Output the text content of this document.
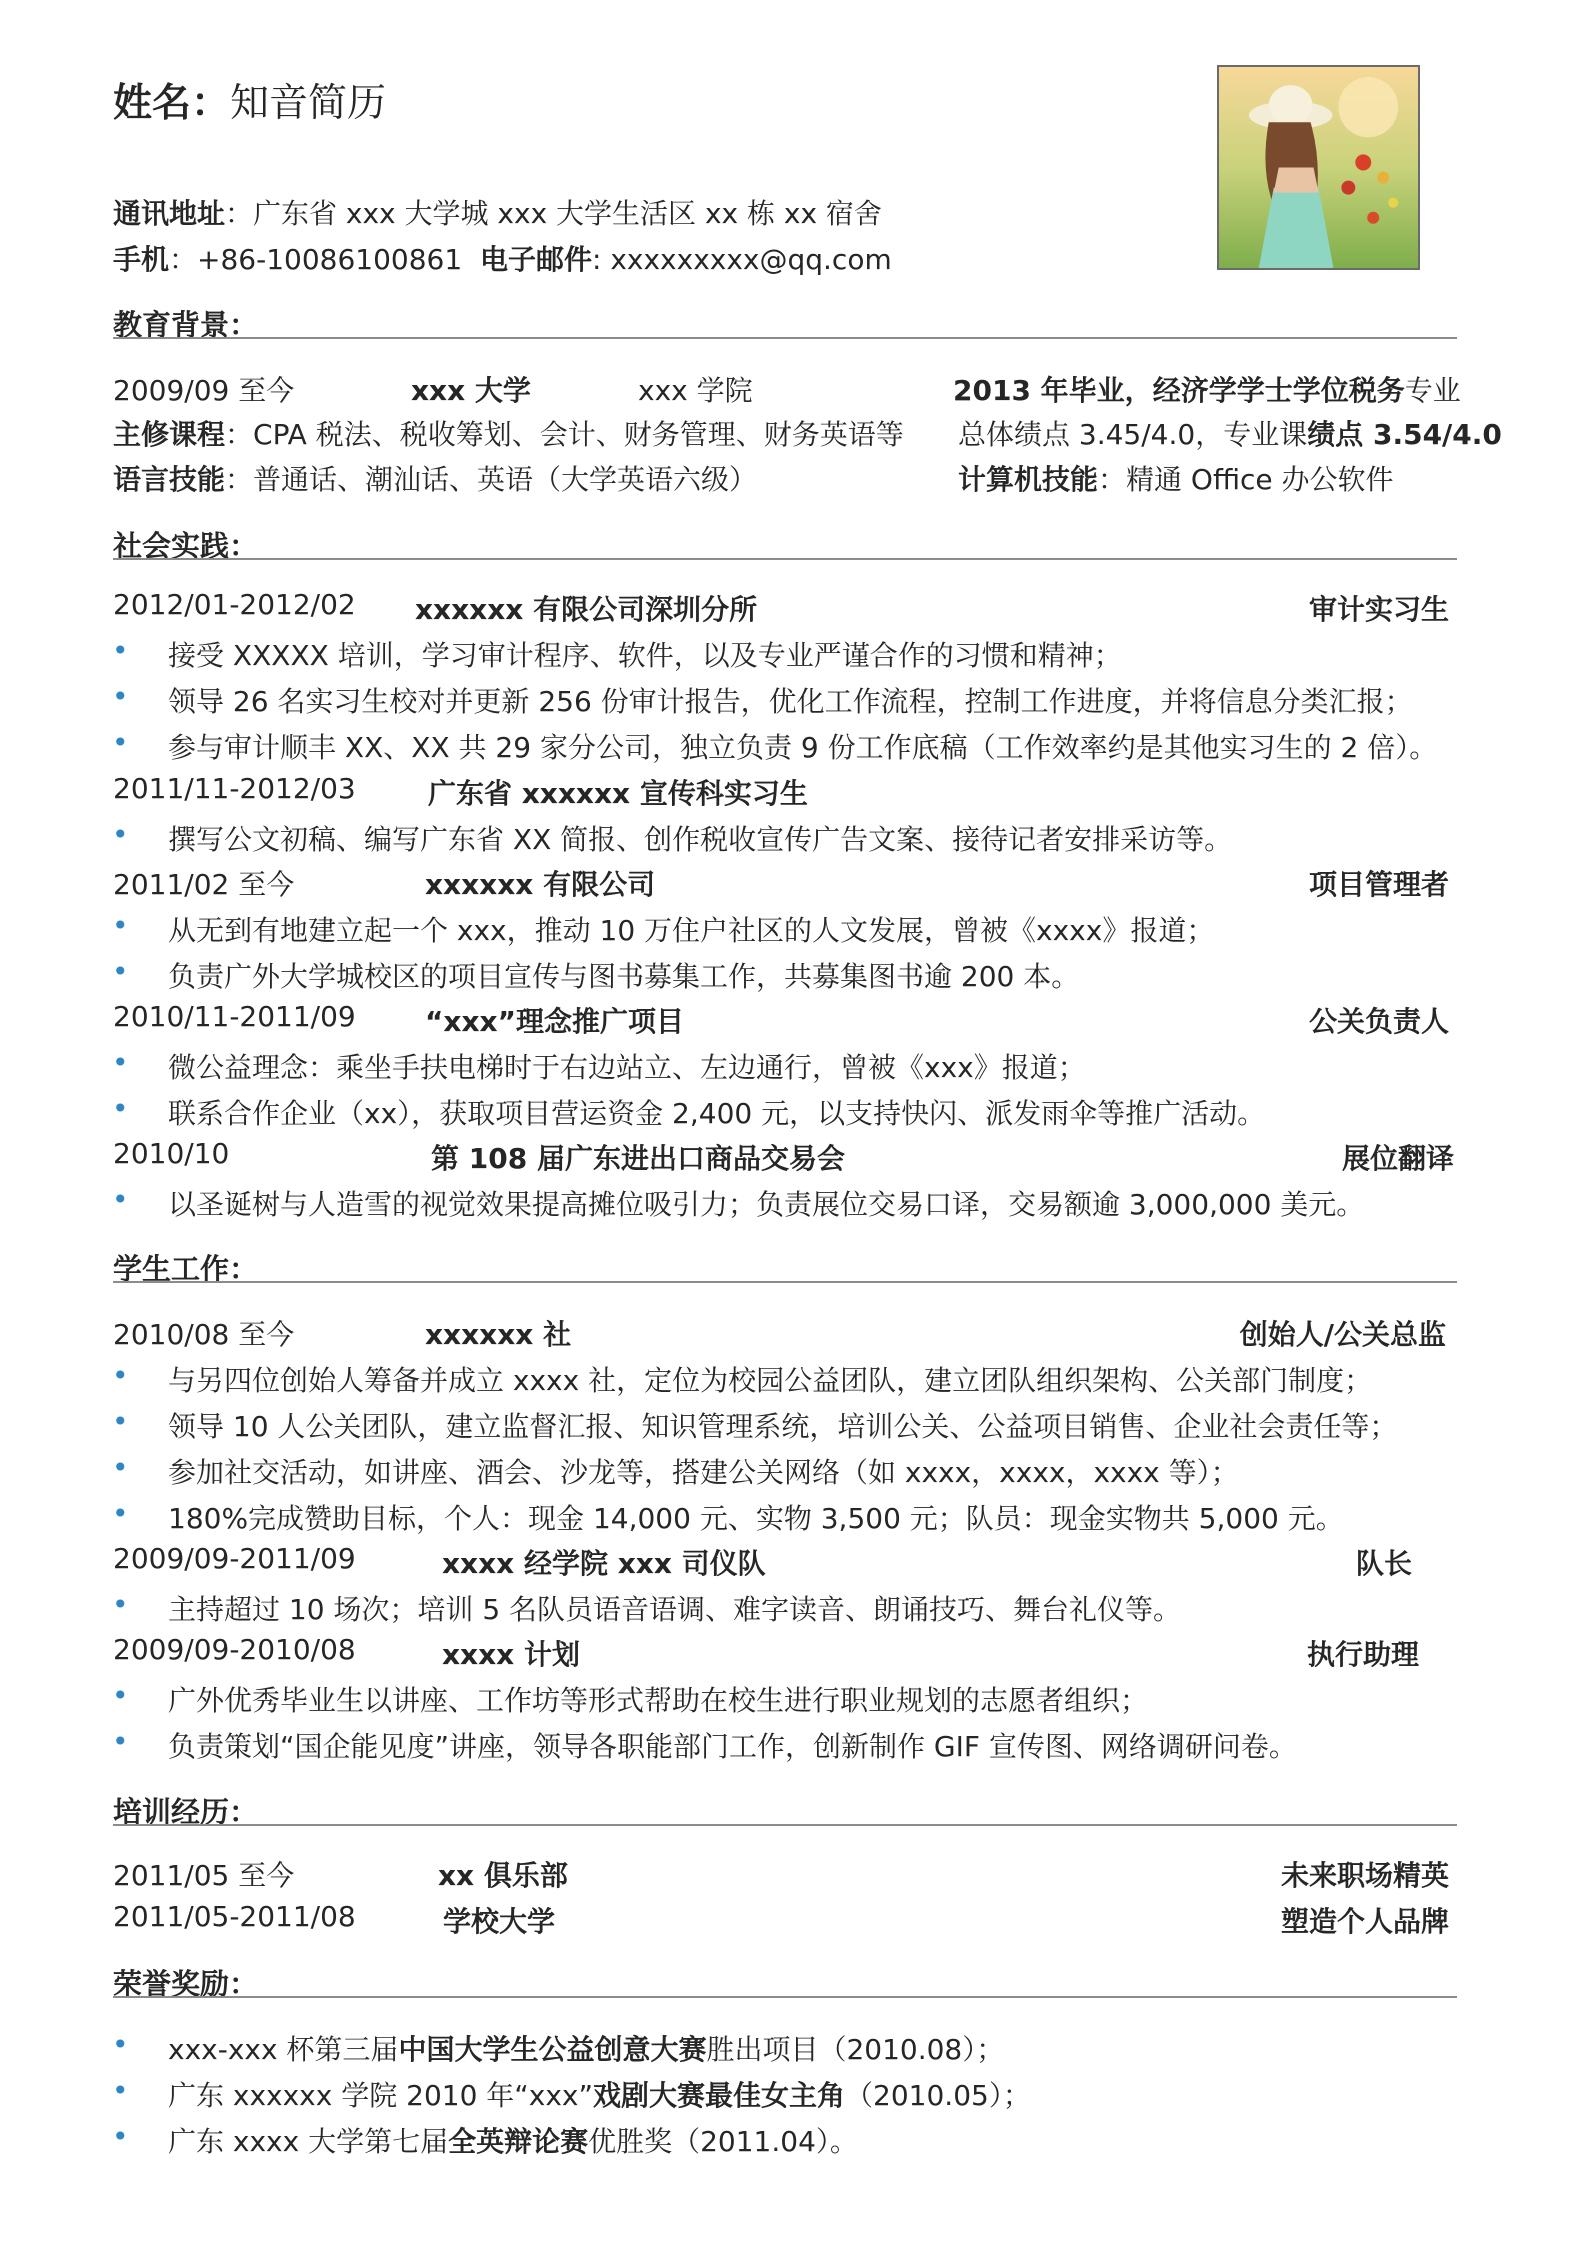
姓名：知音简历
通讯地址：广东省 xxx 大学城 xxx 大学生活区 xx 栋 xx 宿舍
手机：+86-10086100861 电子邮件: xxxxxxxxx@qq.com
教育背景：
2009/09 至今	xxx 大学	xxx 学院	2013 年毕业，经济学学士学位税务专业
主修课程：CPA 税法、税收筹划、会计、财务管理、财务英语等 总体绩点 3.45/4.0，专业课绩点 3.54/4.0
语言技能：普通话、潮汕话、英语（大学英语六级）	计算机技能：精通 Office 办公软件
社会实践：
2012/01-2012/02 xxxxxx 有限公司深圳分所	审计实习生
• 接受 XXXXX 培训，学习审计程序、软件，以及专业严谨合作的习惯和精神；
• 领导 26 名实习生校对并更新 256 份审计报告，优化工作流程，控制工作进度，并将信息分类汇报；
• 参与审计顺丰 XX、XX 共 29 家分公司，独立负责 9 份工作底稿（工作效率约是其他实习生的 2 倍）。
2011/11-2012/03	广东省 xxxxxx 宣传科实习生
• 撰写公文初稿、编写广东省 XX 简报、创作税收宣传广告文案、接待记者安排采访等。
2011/02 至今	xxxxxx 有限公司	项目管理者
• 从无到有地建立起一个 xxx，推动 10 万住户社区的人文发展，曾被《xxxx》报道；
• 负责广外大学城校区的项目宣传与图书募集工作，共募集图书逾 200 本。
2010/11-2011/09 “xxx”理念推广项目	公关负责人
• 微公益理念：乘坐手扶电梯时于右边站立、左边通行，曾被《xxx》报道；
• 联系合作企业（xx），获取项目营运资金 2,400 元，以支持快闪、派发雨伞等推广活动。
2010/10	第 108 届广东进出口商品交易会	展位翻译
• 以圣诞树与人造雪的视觉效果提高摊位吸引力；负责展位交易口译，交易额逾 3,000,000 美元。
学生工作：
2010/08 至今	xxxxxx 社	创始人/公关总监
• 与另四位创始人筹备并成立 xxxx 社，定位为校园公益团队，建立团队组织架构、公关部门制度；
• 领导 10 人公关团队，建立监督汇报、知识管理系统，培训公关、公益项目销售、企业社会责任等；
• 参加社交活动，如讲座、酒会、沙龙等，搭建公关网络（如 xxxx，xxxx，xxxx 等）；
• 180%完成赞助目标，个人：现金 14,000 元、实物 3,500 元；队员：现金实物共 5,000 元。
2009/09-2011/09	xxxx 经学院 xxx 司仪队	队长
• 主持超过 10 场次；培训 5 名队员语音语调、难字读音、朗诵技巧、舞台礼仪等。
2009/09-2010/08	xxxx 计划	执行助理
• 广外优秀毕业生以讲座、工作坊等形式帮助在校生进行职业规划的志愿者组织；
• 负责策划“国企能见度”讲座，领导各职能部门工作，创新制作 GIF 宣传图、网络调研问卷。
培训经历：
2011/05 至今	xx 俱乐部	未来职场精英
2011/05-2011/08	学校大学	塑造个人品牌
荣誉奖励：
• xxx-xxx 杯第三届中国大学生公益创意大赛胜出项目（2010.08）；
• 广东 xxxxxx 学院 2010 年“xxx”戏剧大赛最佳女主角（2010.05）；
• 广东 xxxx 大学第七届全英辩论赛优胜奖（2011.04）。
